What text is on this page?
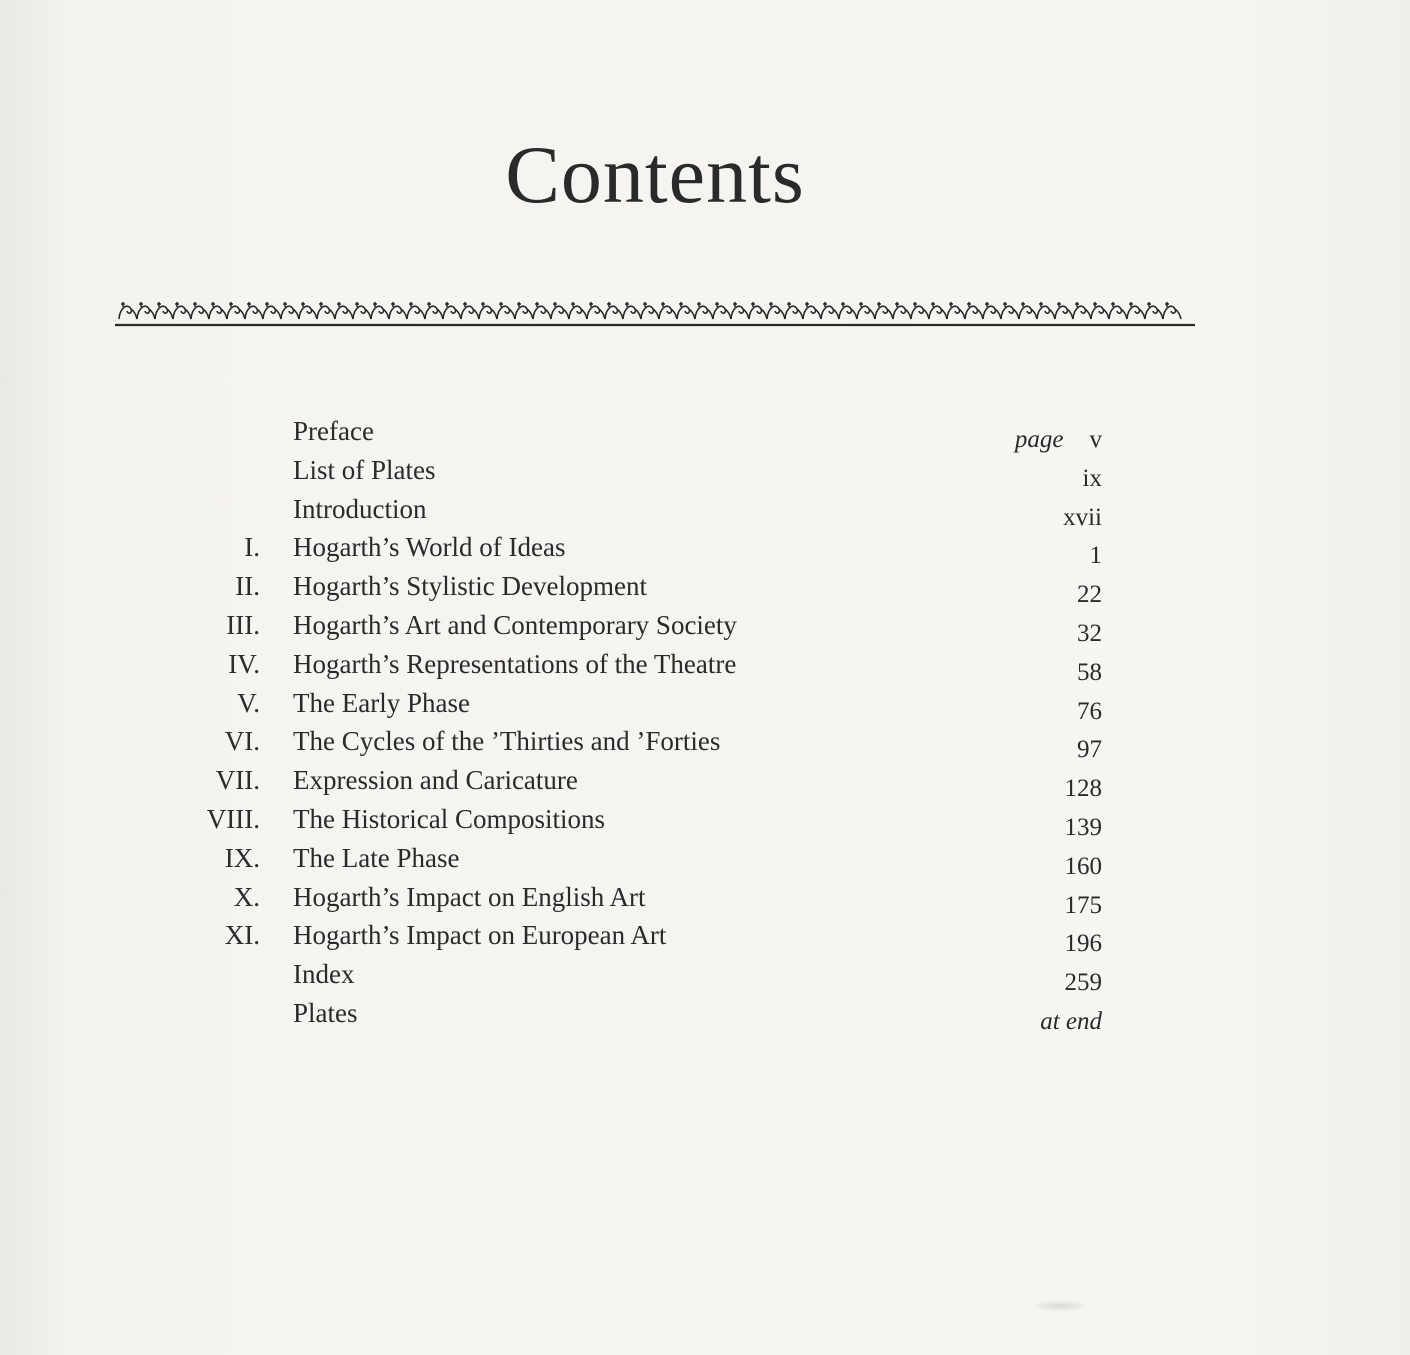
Contents
Preface	page v
List of Plates	ix
Introduction	xvii
I. Hogarth’s World of Ideas	1
II. Hogarth’s Stylistic Development	22
III. Hogarth’s Art and Contemporary Society	32
IV. Hogarth’s Representations of the Theatre	58
V. The Early Phase	76
VI. The Cycles of the ’Thirties and ’Forties	97
VII. Expression and Caricature	128
VIII. The Historical Compositions	139
IX. The Late Phase	160
X. Hogarth’s Impact on English Art	175
XI. Hogarth’s Impact on European Art	196
Index	259
Plates	at end
